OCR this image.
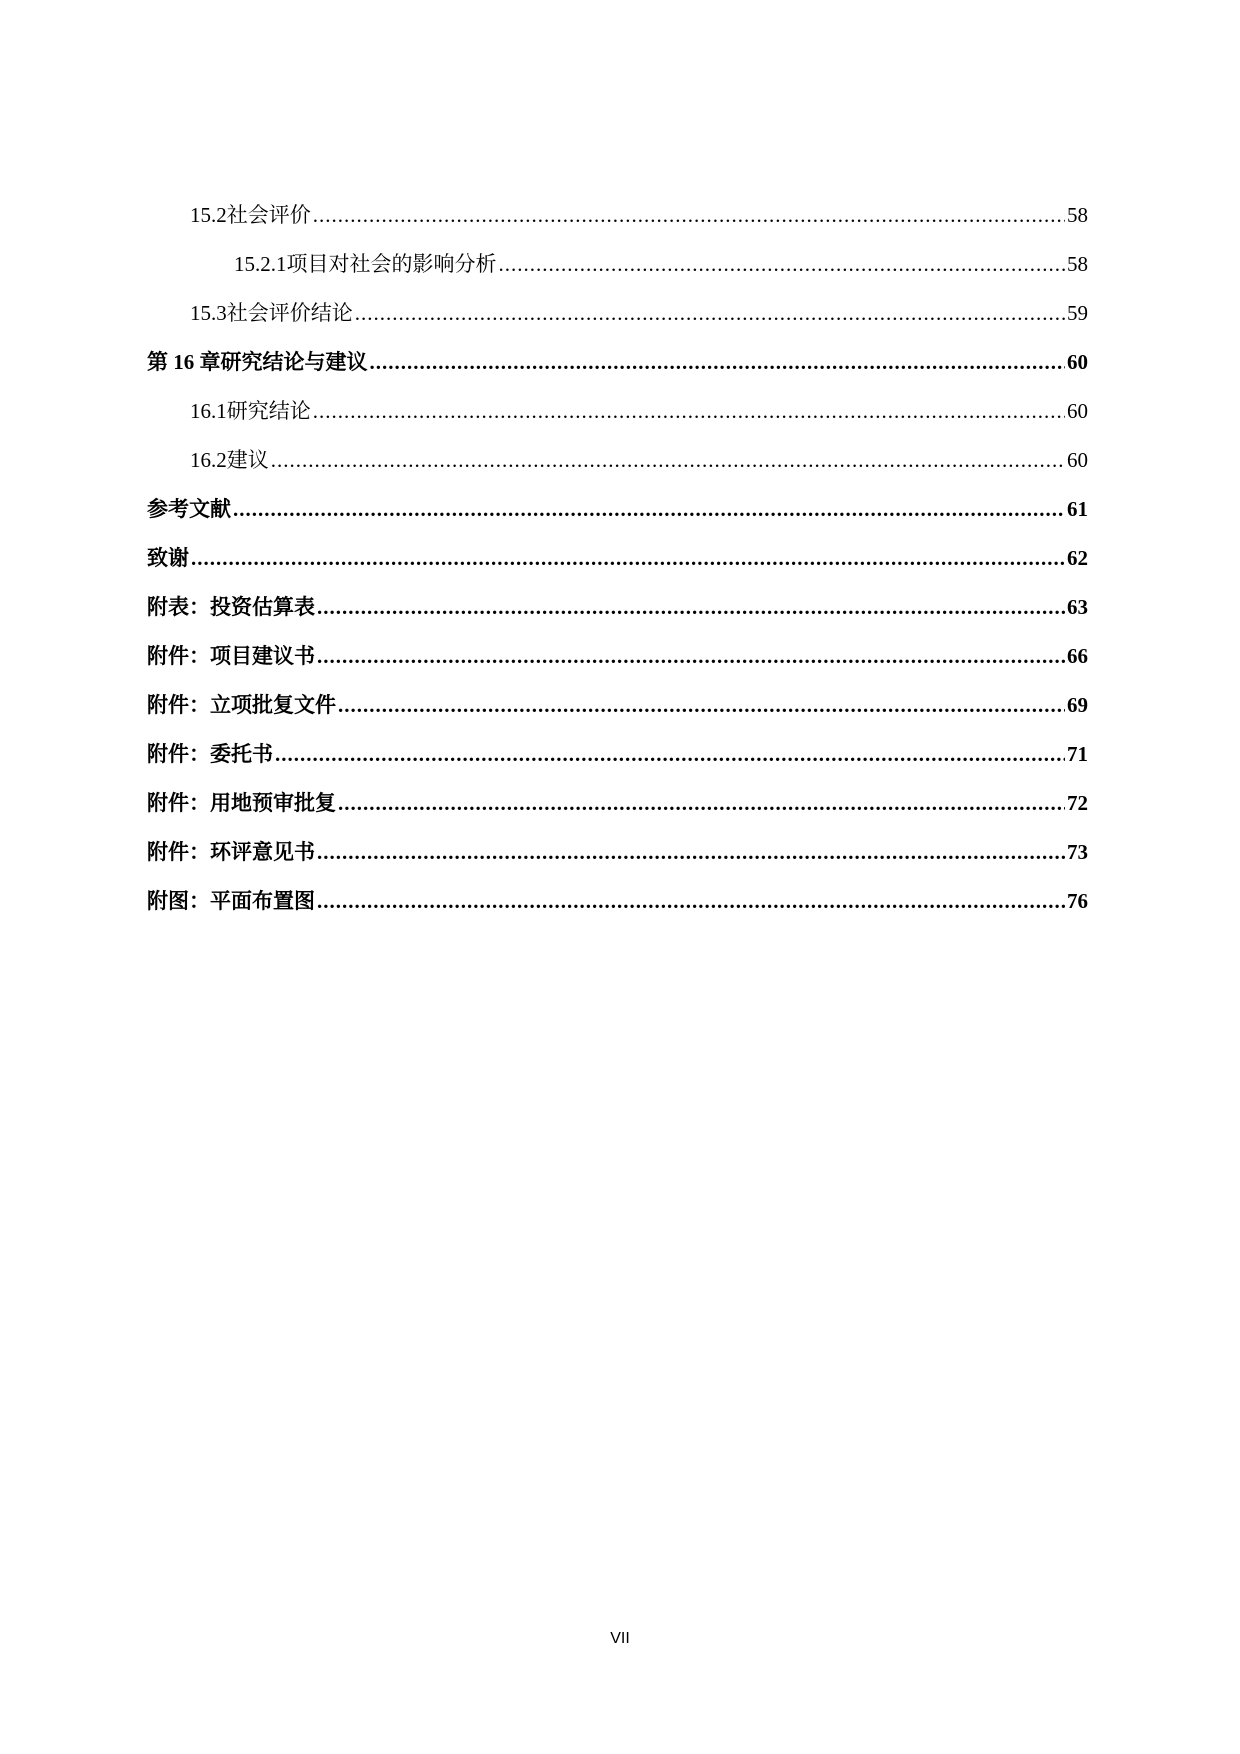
15.2 社会评价 .....	58
15.2.1 项目对社会的影响分析 .....	58
15.3 社会评价结论 .....	59
第 16 章 研究结论与建议 .....	60
16.1 研究结论 .....	60
16.2 建议 .....	60
参考文献 .....	61
致 谢 .....	62
附表：投资估算表 .....	63
附件：项目建议书 .....	66
附件：立项批复文件 .....	69
附件：委托书 .....	71
附件：用地预审批复 .....	72
附件：环评意见书 .....	73
附图：平面布置图 .....	76
VII
